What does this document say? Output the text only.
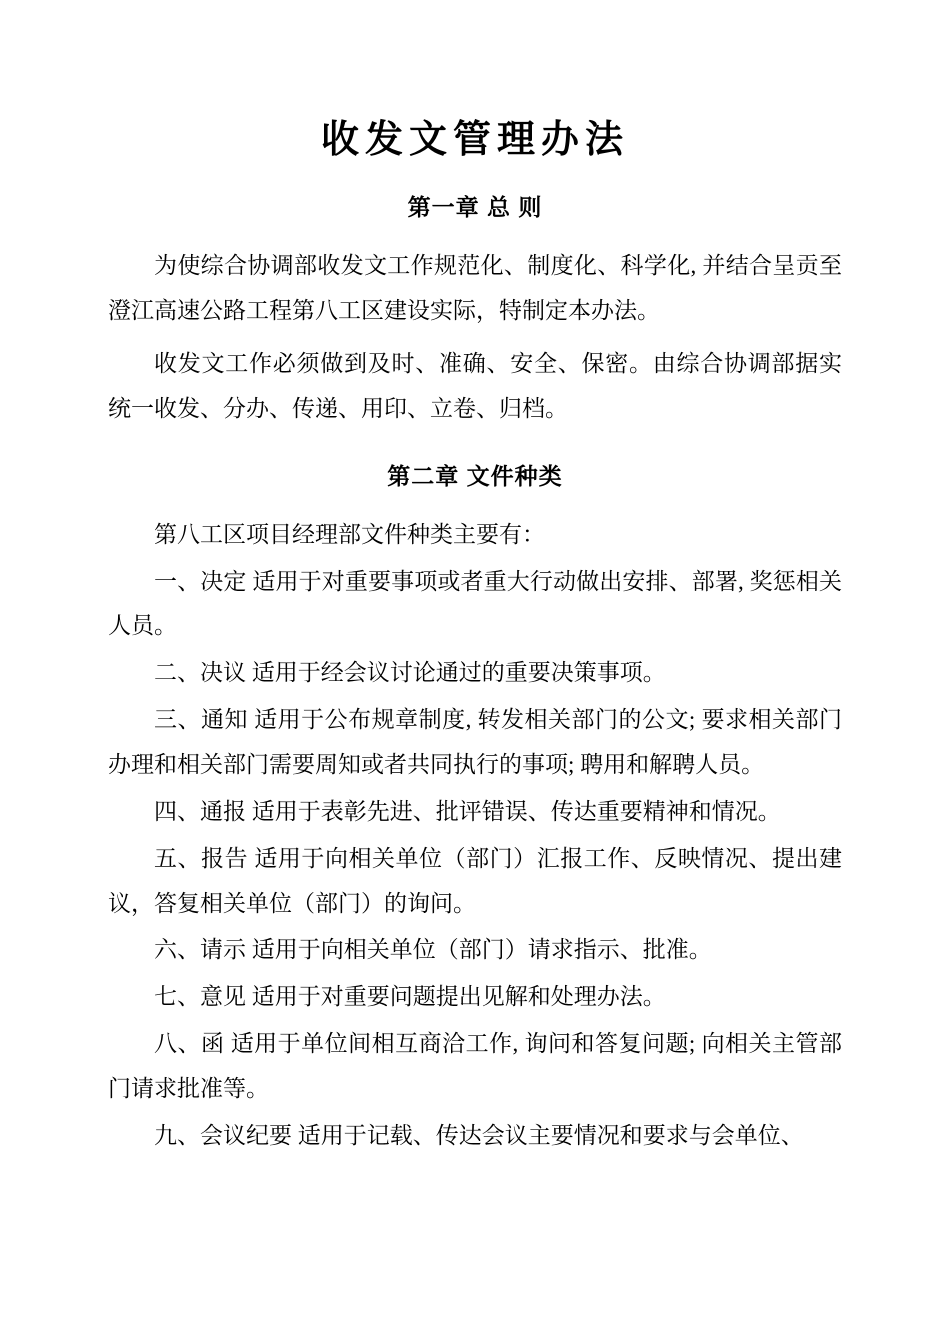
收发文管理办法
第一章 总 则

为使综合协调部收发文工作规范化、制度化、科学化, 并结合呈贡至澄江高速公路工程第八工区建设实际，特制定本办法。

收发文工作必须做到及时、准确、安全、保密。由综合协调部据实统一收发、分办、传递、用印、立卷、归档。

第二章 文件种类

第八工区项目经理部文件种类主要有：

一、决定 适用于对重要事项或者重大行动做出安排、部署, 奖惩相关人员。

二、决议 适用于经会议讨论通过的重要决策事项。

三、通知 适用于公布规章制度, 转发相关部门的公文; 要求相关部门办理和相关部门需要周知或者共同执行的事项; 聘用和解聘人员。

四、通报 适用于表彰先进、批评错误、传达重要精神和情况。

五、报告 适用于向相关单位（部门）汇报工作、反映情况、提出建议，答复相关单位（部门）的询问。

六、请示 适用于向相关单位（部门）请求指示、批准。

七、意见 适用于对重要问题提出见解和处理办法。

八、函 适用于单位间相互商洽工作, 询问和答复问题; 向相关主管部门请求批准等。

九、会议纪要 适用于记载、传达会议主要情况和要求与会单位、
